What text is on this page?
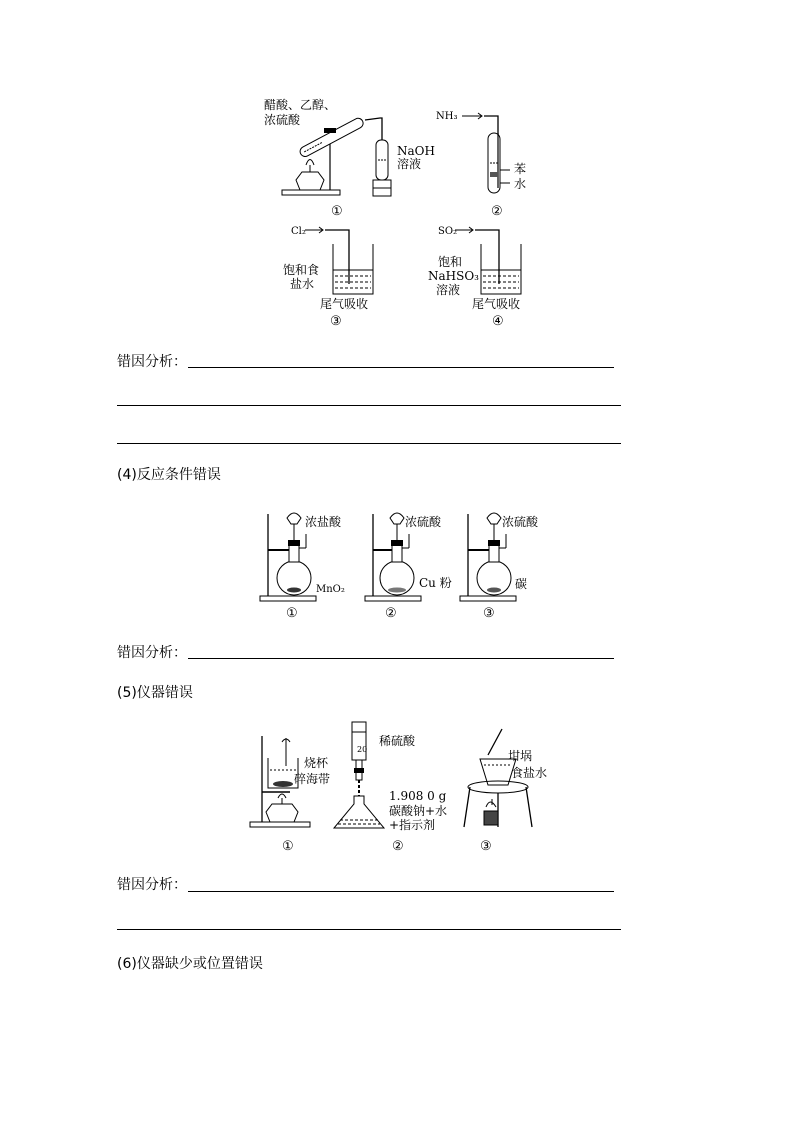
醋酸、乙醇、
浓硫酸
NaOH
溶液
①
NH₃
苯
水
②
Cl₂
饱和食
盐水
尾气吸收
③
SO₂
饱和
NaHSO₃
溶液
尾气吸收
④
错因分析：
(4)反应条件错误
浓盐酸
MnO₂
①
浓硫酸
Cu 粉
②
浓硫酸
碳
③
错因分析：
(5)仪器错误
烧杯
碎海带
①
20
稀硫酸
1.908 0 g
碳酸钠+水
+指示剂
②
坩埚
食盐水
③
错因分析：
(6)仪器缺少或位置错误
